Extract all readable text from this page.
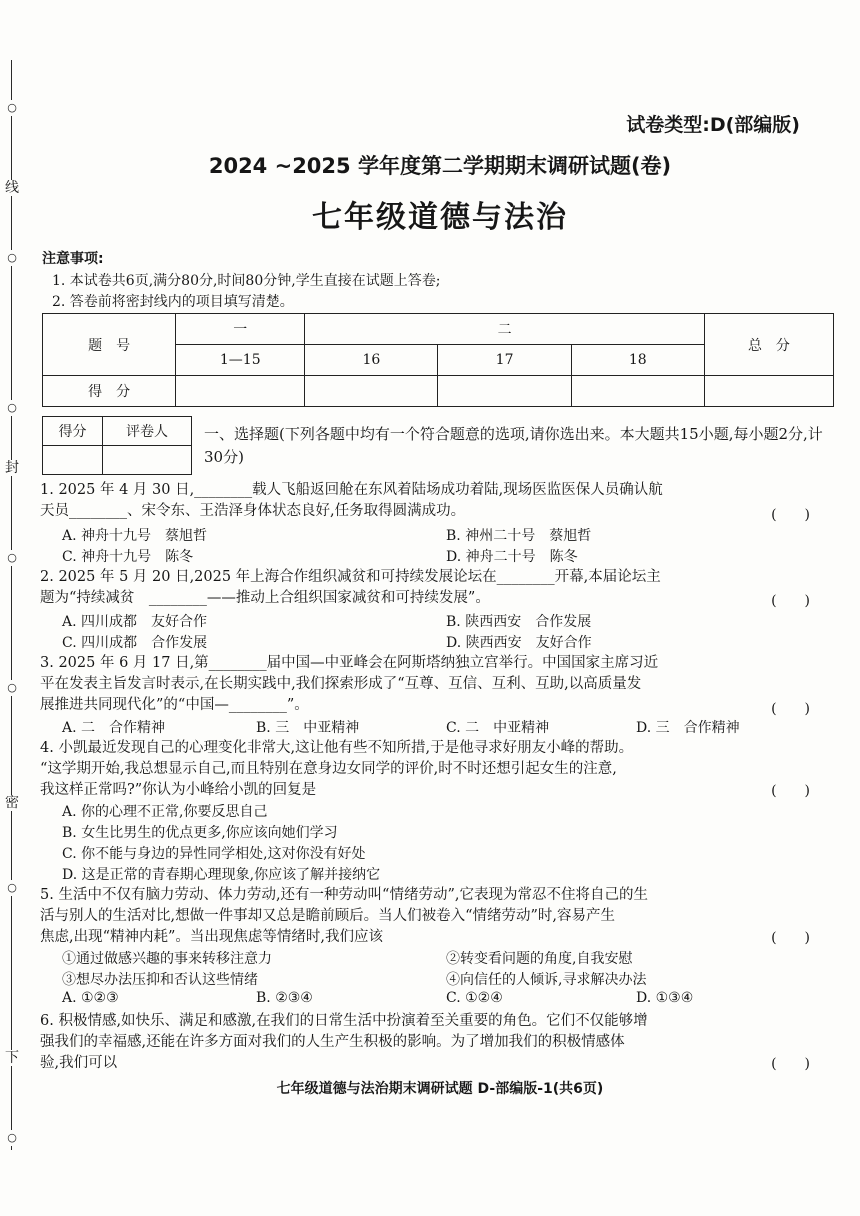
○
线
○
○
封
○
○
密
○
下
○
试卷类型:D(部编版)
2024 ~2025 学年度第二学期期末调研试题(卷)
七年级道德与法治
注意事项:
1. 本试卷共6页,满分80分,时间80分钟,学生直接在试题上答卷;
2. 答卷前将密封线内的项目填写清楚。
题　号	一	二			总　分
	1—15	16	17	18	
得　分					
得分	评卷人
	一、选择题(下列各题中均有一个符合题意的选项,请你选出来。本大题共15小题,每小题2分,计30分)
1. 2025 年 4 月 30 日,________载人飞船返回舱在东风着陆场成功着陆,现场医监医保人员确认航
天员________、宋令东、王浩泽身体状态良好,任务取得圆满成功。	(　　)
A. 神舟十九号　蔡旭哲	B. 神州二十号　蔡旭哲
C. 神舟十九号　陈冬	D. 神舟二十号　陈冬
2. 2025 年 5 月 20 日,2025 年上海合作组织减贫和可持续发展论坛在________开幕,本届论坛主
题为“持续减贫　________——推动上合组织国家减贫和可持续发展”。	(　　)
A. 四川成都　友好合作	B. 陕西西安　合作发展
C. 四川成都　合作发展	D. 陕西西安　友好合作
3. 2025 年 6 月 17 日,第________届中国—中亚峰会在阿斯塔纳独立宫举行。中国国家主席习近
平在发表主旨发言时表示,在长期实践中,我们探索形成了“互尊、互信、互利、互助,以高质量发
展推进共同现代化”的“中国—________”。	(　　)
A. 二　合作精神	B. 三　中亚精神	C. 二　中亚精神	D. 三　合作精神
4. 小凯最近发现自己的心理变化非常大,这让他有些不知所措,于是他寻求好朋友小峰的帮助。
“这学期开始,我总想显示自己,而且特别在意身边女同学的评价,时不时还想引起女生的注意,
我这样正常吗?”你认为小峰给小凯的回复是	(　　)
A. 你的心理不正常,你要反思自己
B. 女生比男生的优点更多,你应该向她们学习
C. 你不能与身边的异性同学相处,这对你没有好处
D. 这是正常的青春期心理现象,你应该了解并接纳它
5. 生活中不仅有脑力劳动、体力劳动,还有一种劳动叫“情绪劳动”,它表现为常忍不住将自己的生
活与别人的生活对比,想做一件事却又总是瞻前顾后。当人们被卷入“情绪劳动”时,容易产生
焦虑,出现“精神内耗”。当出现焦虑等情绪时,我们应该	(　　)
①通过做感兴趣的事来转移注意力	②转变看问题的角度,自我安慰
③想尽办法压抑和否认这些情绪	④向信任的人倾诉,寻求解决办法
A. ①②③	B. ②③④	C. ①②④	D. ①③④
6. 积极情感,如快乐、满足和感激,在我们的日常生活中扮演着至关重要的角色。它们不仅能够增
强我们的幸福感,还能在许多方面对我们的人生产生积极的影响。为了增加我们的积极情感体
验,我们可以	(　　)
七年级道德与法治期末调研试题 D-部编版-1(共6页)
